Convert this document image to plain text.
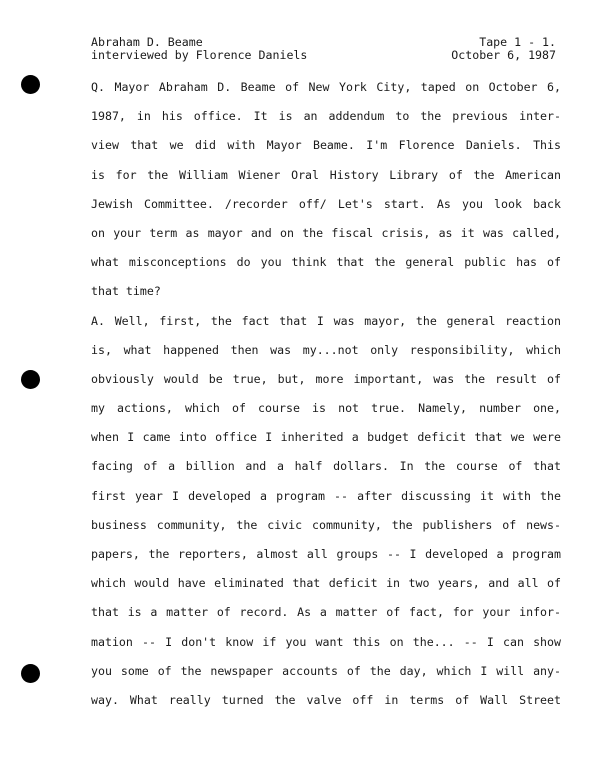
Abraham D. Beame
interviewed by Florence Daniels
Tape 1 - 1.
October 6, 1987
Q. Mayor Abraham D. Beame of New York City, taped on October 6,
1987, in his office. It is an addendum to the previous inter-
view that we did with Mayor Beame. I'm Florence Daniels. This
is for the William Wiener Oral History Library of the American
Jewish Committee. /recorder off/ Let's start. As you look back
on your term as mayor and on the fiscal crisis, as it was called,
what misconceptions do you think that the general public has of
that time?
A. Well, first, the fact that I was mayor, the general reaction
is, what happened then was my...not only responsibility, which
obviously would be true, but, more important, was the result of
my actions, which of course is not true. Namely, number one,
when I came into office I inherited a budget deficit that we were
facing of a billion and a half dollars. In the course of that
first year I developed a program -- after discussing it with the
business community, the civic community, the publishers of news-
papers, the reporters, almost all groups -- I developed a program
which would have eliminated that deficit in two years, and all of
that is a matter of record. As a matter of fact, for your infor-
mation -- I don't know if you want this on the... -- I can show
you some of the newspaper accounts of the day, which I will any-
way. What really turned the valve off in terms of Wall Street
